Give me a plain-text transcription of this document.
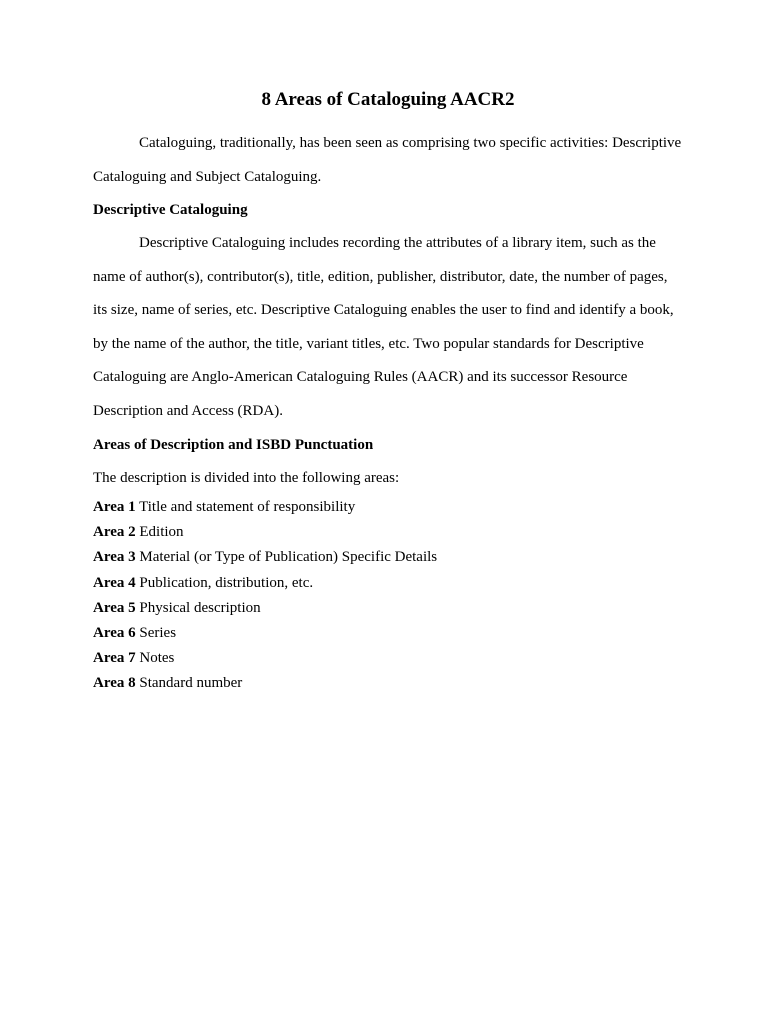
8 Areas of Cataloguing AACR2

Cataloguing, traditionally, has been seen as comprising two specific activities: Descriptive Cataloguing and Subject Cataloguing.

Descriptive Cataloguing

Descriptive Cataloguing includes recording the attributes of a library item, such as the name of author(s), contributor(s), title, edition, publisher, distributor, date, the number of pages, its size, name of series, etc. Descriptive Cataloguing enables the user to find and identify a book, by the name of the author, the title, variant titles, etc. Two popular standards for Descriptive Cataloguing are Anglo-American Cataloguing Rules (AACR) and its successor Resource Description and Access (RDA).

Areas of Description and ISBD Punctuation

The description is divided into the following areas:

Area 1 Title and statement of responsibility
Area 2 Edition
Area 3 Material (or Type of Publication) Specific Details
Area 4 Publication, distribution, etc.
Area 5 Physical description
Area 6 Series
Area 7 Notes
Area 8 Standard number
